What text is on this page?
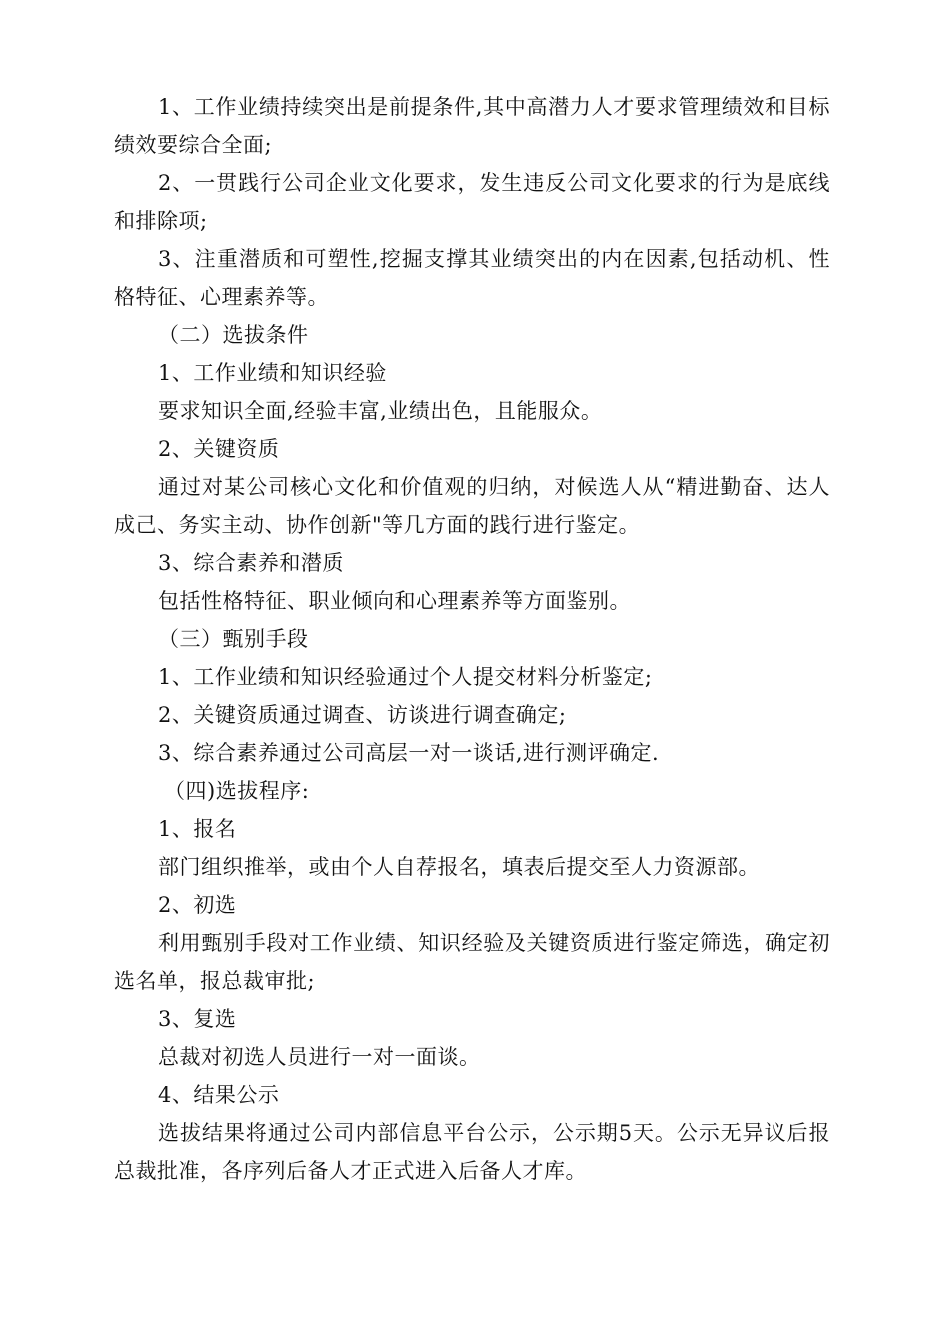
1、工作业绩持续突出是前提条件,其中高潜力人才要求管理绩效和目标绩效要综合全面;

2、一贯践行公司企业文化要求，发生违反公司文化要求的行为是底线和排除项;

3、注重潜质和可塑性,挖掘支撑其业绩突出的内在因素,包括动机、性格特征、心理素养等。

（二）选拔条件

1、工作业绩和知识经验

要求知识全面,经验丰富,业绩出色，且能服众。

2、关键资质

通过对某公司核心文化和价值观的归纳，对候选人从“精进勤奋、达人成己、务实主动、协作创新"等几方面的践行进行鉴定。

3、综合素养和潜质

包括性格特征、职业倾向和心理素养等方面鉴别。

（三）甄别手段

1、工作业绩和知识经验通过个人提交材料分析鉴定;

2、关键资质通过调查、访谈进行调查确定;

3、综合素养通过公司高层一对一谈话,进行测评确定.

（四)选拔程序:

1、报名

部门组织推举，或由个人自荐报名，填表后提交至人力资源部。

2、初选

利用甄别手段对工作业绩、知识经验及关键资质进行鉴定筛选，确定初选名单，报总裁审批;

3、复选

总裁对初选人员进行一对一面谈。

4、结果公示

选拔结果将通过公司内部信息平台公示，公示期5天。公示无异议后报总裁批准，各序列后备人才正式进入后备人才库。
